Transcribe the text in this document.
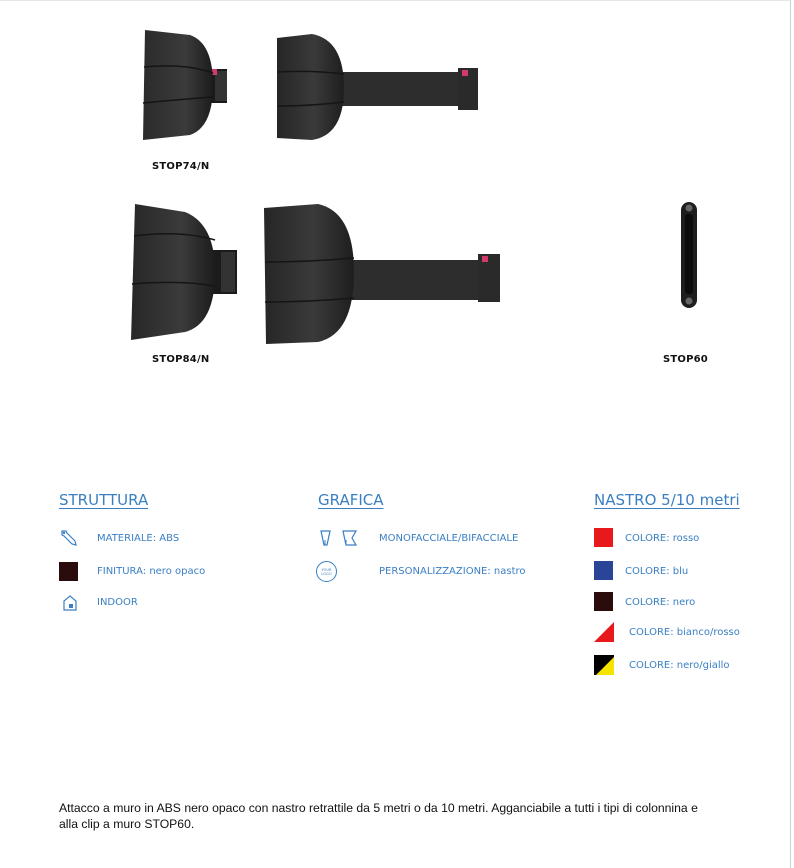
STOP74/N
STOP84/N	STOP60
STRUTTURA
MATERIALE: ABS
FINITURA: nero opaco
INDOOR
GRAFICA
MONOFACCIALE/BIFACCIALE
YOUR LOGO	PERSONALIZZAZIONE: nastro
NASTRO 5/10 metri
COLORE: rosso
COLORE: blu
COLORE: nero
COLORE: bianco/rosso
COLORE: nero/giallo
Attacco a muro in ABS nero opaco con nastro retrattile da 5 metri o da 10 metri. Agganciabile a tutti i tipi di colonnina e alla clip a muro STOP60.
